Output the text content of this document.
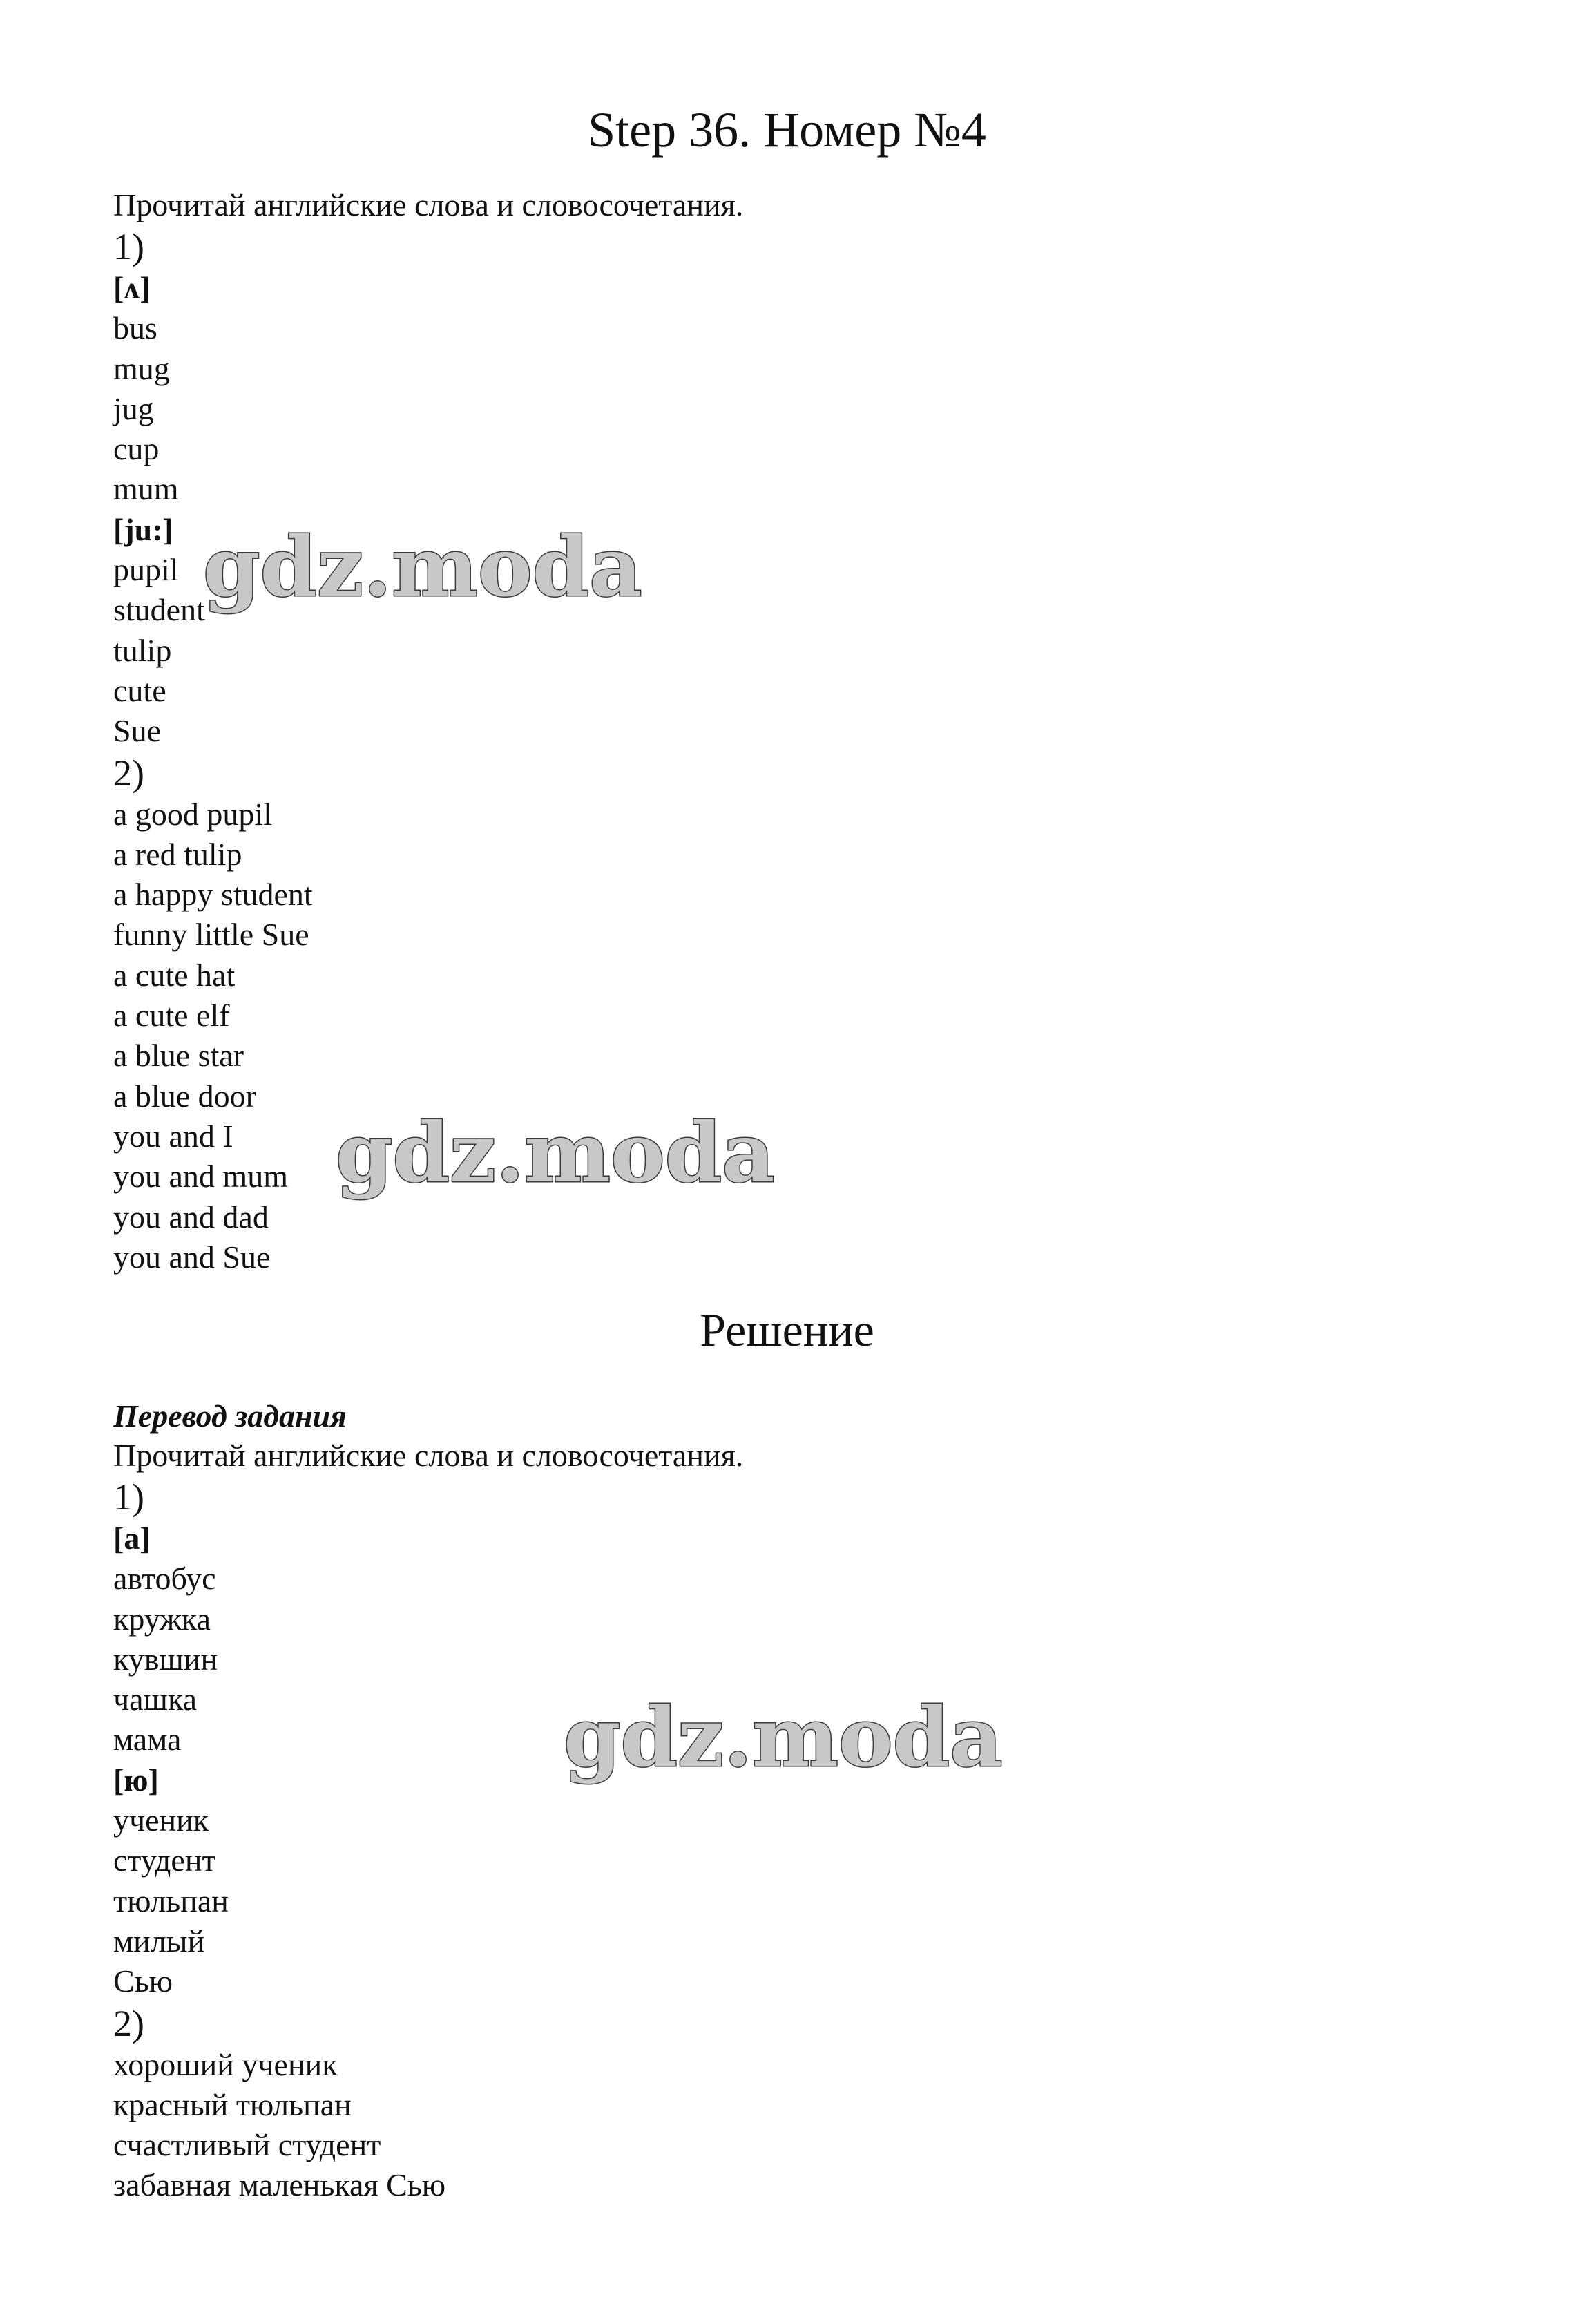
Step 36. Номер №4

Прочитай английские слова и словосочетания.

1)
[ʌ]
bus
mug
jug
cup
mum
[ju:]
pupil
student
tulip
cute
Sue
2)
a good pupil
a red tulip
a happy student
funny little Sue
a cute hat
a cute elf
a blue star
a blue door
you and I
you and mum
you and dad
you and Sue
Решение

Перевод задания

Прочитай английские слова и словосочетания.

1)
[а]
автобус
кружка
кувшин
чашка
мама
[ю]
ученик
студент
тюльпан
милый
Сью
2)
хороший ученик
красный тюльпан
счастливый студент
забавная маленькая Сью
gdz.moda
gdz.moda
gdz.moda
